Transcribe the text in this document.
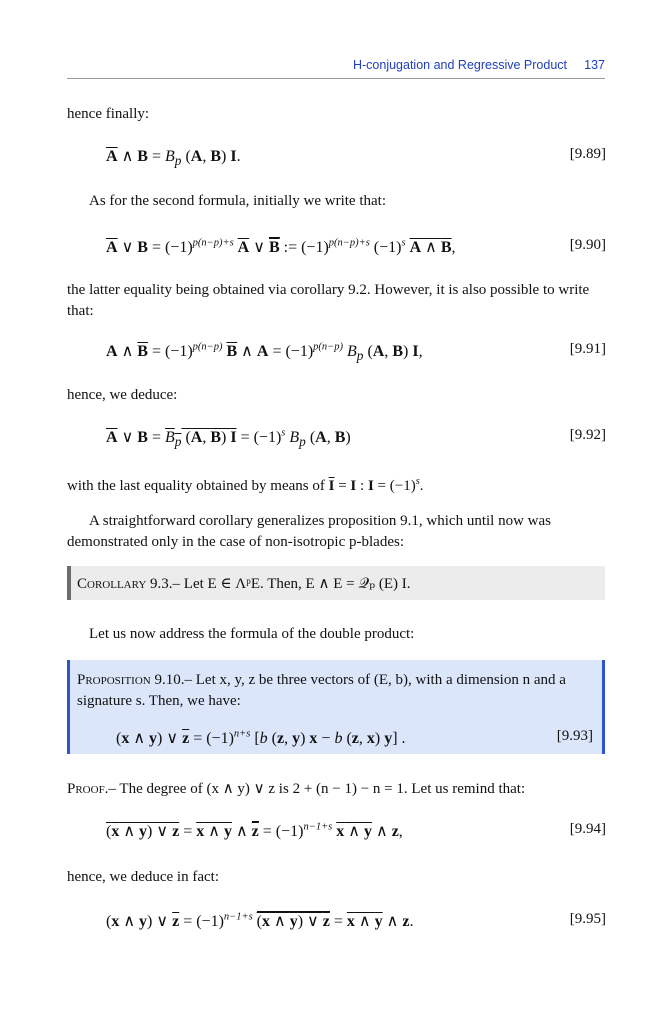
H-conjugation and Regressive Product 137
hence finally:
$\overline{A}$ ∧ $B = B_p$ (A, B) I.	[9.89]
As for the second formula, initially we write that:
$\overline{A}$ ∨ $B = (-1)^{p(n-p)+s}$ $\overline{A}$ ∨ $\overline{B}$ := $(-1)^{p(n-p)+s}$ $(-1)^s$ A ∧ B,	[9.90]
the latter equality being obtained via corollary 9.2. However, it is also possible to write that:
A ∧ $\overline{B} = (-1)^{p(n-p)}$ $\overline{B}$ ∧ $A = (-1)^{p(n-p)}$ $B_p$ (A, B) I,	[9.91]
hence, we deduce:
$\overline{A}$ ∨ $B = B_p$ (A, B) $I = (-1)^s$ $B_p$ (A, B)	[9.92]
with the last equality obtained by means of $\overline{I} = I$ : $I = (-1)^s$.
A straightforward corollary generalizes proposition 9.1, which until now was demonstrated only in the case of non-isotropic p-blades:
Corollary 9.3.– Let E ∈ ΛᵖE. Then, E ∧ E = 𝒬ₚ (E) I.
Let us now address the formula of the double product:
Proposition 9.10.– Let x, y, z be three vectors of (E, b), with a dimension n and a signature s. Then, we have:
(x ∧ y) ∨ $\overline{z} = (-1)^{n+s}$ [b (z, y) x − b (z, x) y] .	[9.93]
Proof.– The degree of (x ∧ y) ∨ z is 2 + (n − 1) − n = 1. Let us remind that:
(x ∧ y) ∨ z = x ∧ y ∧ $\overline{z} = (-1)^{n-1+s}$ x ∧ y ∧ z,	[9.94]
hence, we deduce in fact:
(x ∧ y) ∨ $\overline{z} = (-1)^{n-1+s}$ (x ∧ y) ∨ z = x ∧ y ∧ z.	[9.95]
